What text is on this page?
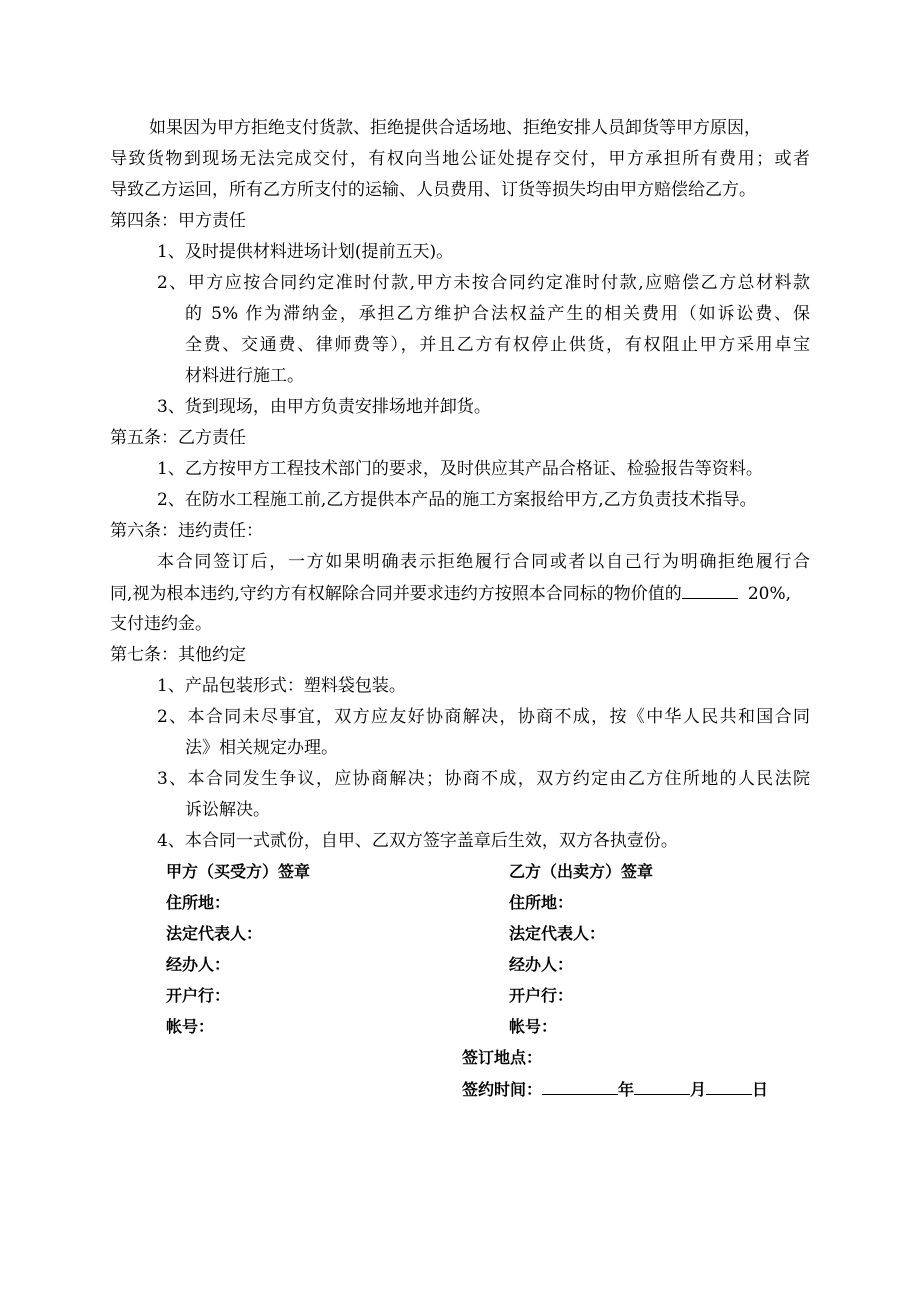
如果因为甲方拒绝支付货款、拒绝提供合适场地、拒绝安排人员卸货等甲方原因，
导致货物到现场无法完成交付，有权向当地公证处提存交付，甲方承担所有费用；或者
导致乙方运回，所有乙方所支付的运输、人员费用、订货等损失均由甲方赔偿给乙方。
第四条：甲方责任
1、及时提供材料进场计划(提前五天)。
2、甲方应按合同约定准时付款,甲方未按合同约定准时付款,应赔偿乙方总材料款
的 5% 作为滞纳金，承担乙方维护合法权益产生的相关费用（如诉讼费、保
全费、交通费、律师费等），并且乙方有权停止供货，有权阻止甲方采用卓宝
材料进行施工。
3、货到现场，由甲方负责安排场地并卸货。
第五条：乙方责任
1、乙方按甲方工程技术部门的要求，及时供应其产品合格证、检验报告等资料。
2、在防水工程施工前,乙方提供本产品的施工方案报给甲方,乙方负责技术指导。
第六条：违约责任：
本合同签订后，一方如果明确表示拒绝履行合同或者以自己行为明确拒绝履行合
同,视为根本违约,守约方有权解除合同并要求违约方按照本合同标的物价值的	20%,
支付违约金。
第七条：其他约定
1、产品包装形式：塑料袋包装。
2、本合同未尽事宜，双方应友好协商解决，协商不成，按《中华人民共和国合同
法》相关规定办理。
3、本合同发生争议，应协商解决；协商不成，双方约定由乙方住所地的人民法院
诉讼解决。
4、本合同一式贰份，自甲、乙双方签字盖章后生效，双方各执壹份。
甲方（买受方）签章
住所地：
法定代表人：
经办人：
开户行：
帐号：
乙方（出卖方）签章
住所地：
法定代表人：
经办人：
开户行：
帐号：
签订地点：
签约时间：	年	月	日
